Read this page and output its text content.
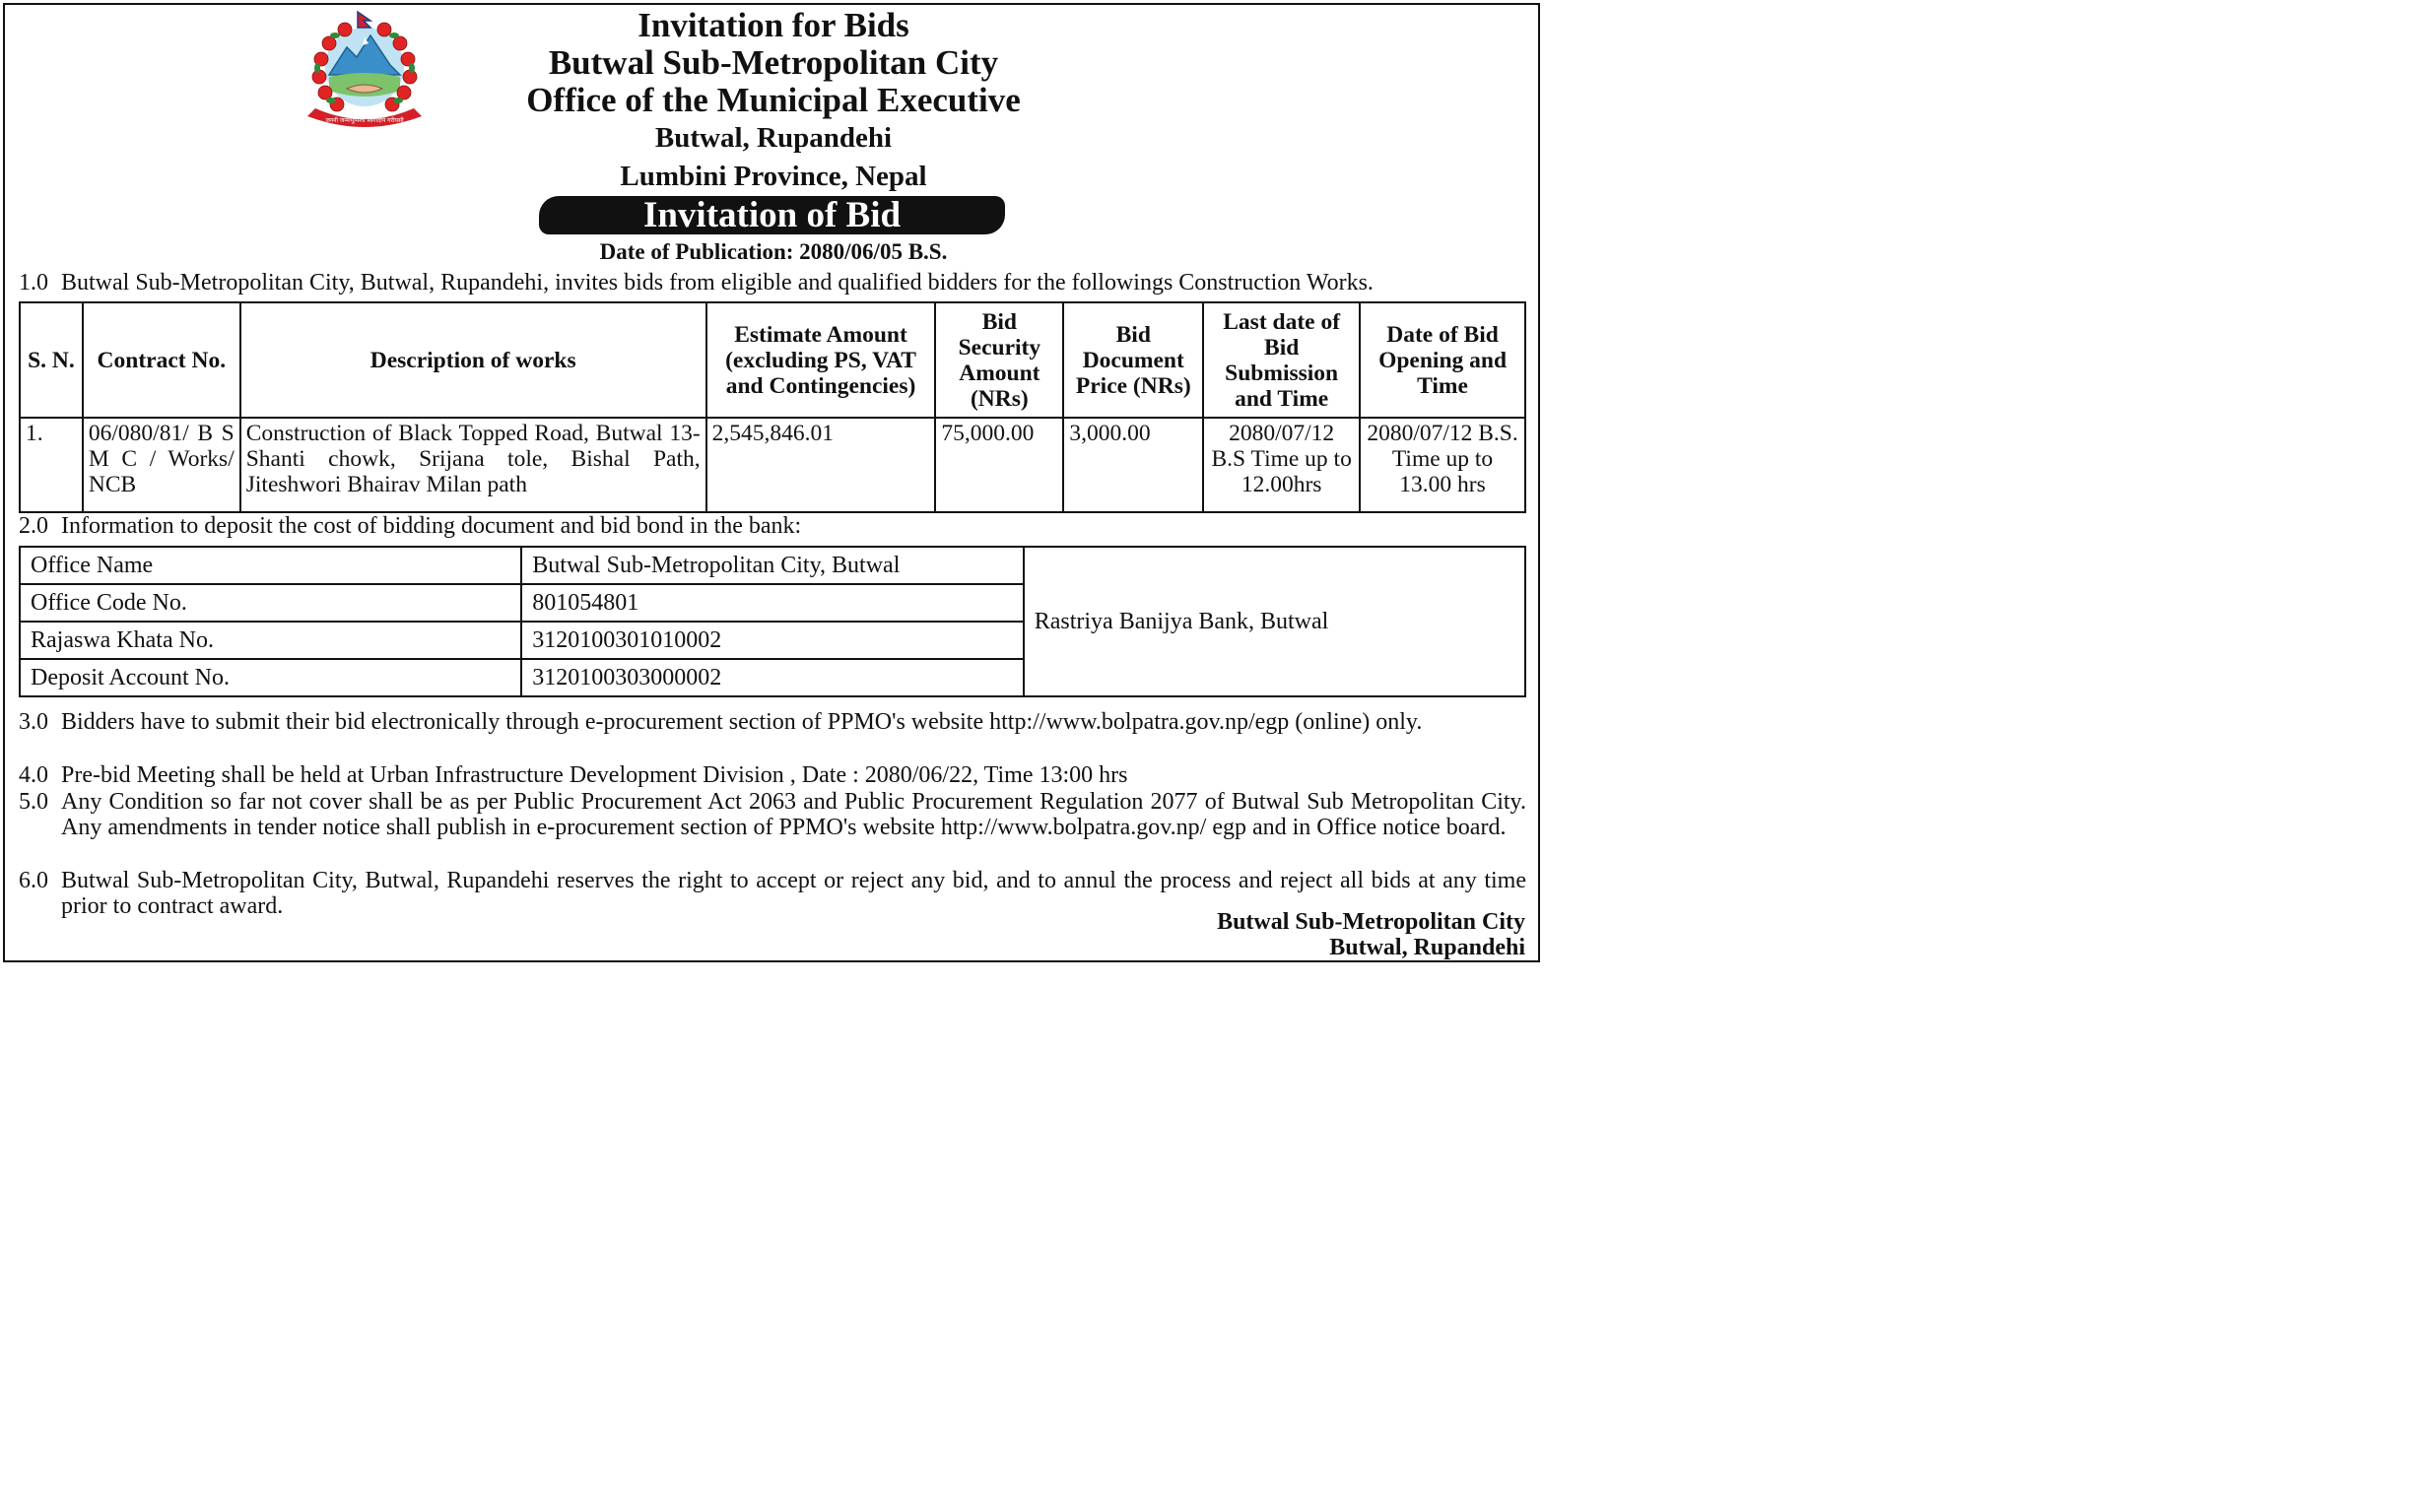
जननी जन्मभूमिश्च स्वर्गादपि गरीयसी
Invitation for Bids
Butwal Sub-Metropolitan City
Office of the Municipal Executive
Butwal, Rupandehi
Lumbini Province, Nepal
Invitation of Bid
Date of Publication: 2080/06/05 B.S.
1.0 Butwal Sub-Metropolitan City, Butwal, Rupandehi, invites bids from eligible and qualified bidders for the followings Construction Works.
S. N.	Contract No.	Description of works	Estimate Amount (excluding PS, VAT and Contingencies)	Bid Security Amount (NRs)	Bid Document Price (NRs)	Last date of Bid Submission and Time	Date of Bid Opening and Time
1.	06/080/81/ B S M C / Works/ NCB	Construction of Black Topped Road, Butwal 13- Shanti chowk, Srijana tole, Bishal Path, Jiteshwori Bhairav Milan path	2,545,846.01	75,000.00	3,000.00	2080/07/12 B.S Time up to 12.00hrs	2080/07/12 B.S. Time up to 13.00 hrs
2.0 Information to deposit the cost of bidding document and bid bond in the bank:
Office Name	Butwal Sub-Metropolitan City, Butwal	Rastriya Banijya Bank, Butwal
Office Code No.	801054801	
Rajaswa Khata No.	3120100301010002	
Deposit Account No.	3120100303000002	
3.0 Bidders have to submit their bid electronically through e-procurement section of PPMO's website http://www.bolpatra.gov.np/egp (online) only.
4.0 Pre-bid Meeting shall be held at Urban Infrastructure Development Division , Date : 2080/06/22, Time 13:00 hrs
5.0 Any Condition so far not cover shall be as per Public Procurement Act 2063 and Public Procurement Regulation 2077 of Butwal Sub Metropolitan City. Any amendments in tender notice shall publish in e-procurement section of PPMO's website http://www.bolpatra.gov.np/ egp and in Office notice board.
6.0 Butwal Sub-Metropolitan City, Butwal, Rupandehi reserves the right to accept or reject any bid, and to annul the process and reject all bids at any time prior to contract award.
Butwal Sub-Metropolitan City
Butwal, Rupandehi
